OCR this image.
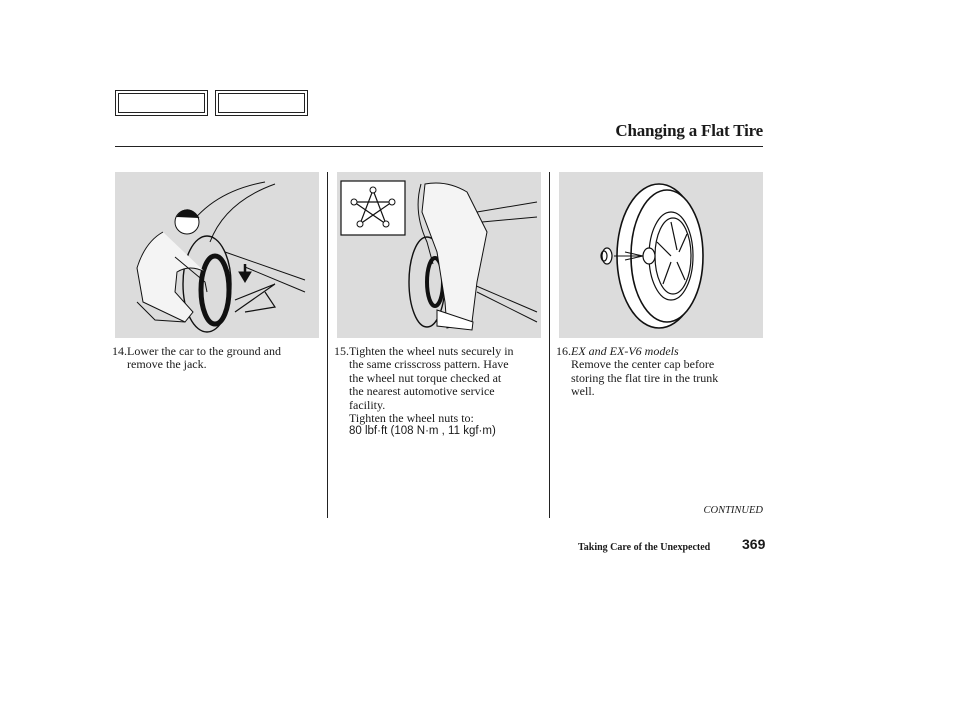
Changing a Flat Tire
14. Lower the car to the ground and
remove the jack.
15. Tighten the wheel nuts securely in
the same crisscross pattern. Have
the wheel nut torque checked at
the nearest automotive service
facility.
Tighten the wheel nuts to:
80 lbf·ft (108 N·m , 11 kgf·m)
16. EX and EX-V6 models
Remove the center cap before
storing the flat tire in the trunk
well.
CONTINUED
Taking Care of the Unexpected 369
